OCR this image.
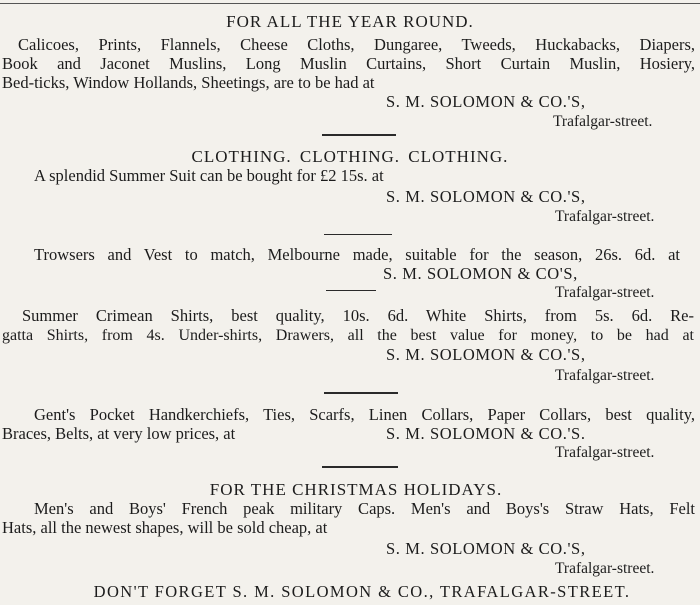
FOR ALL THE YEAR ROUND.
Calicoes, Prints, Flannels, Cheese Cloths, Dungaree, Tweeds, Huckabacks, Diapers,
Book and Jaconet Muslins, Long Muslin Curtains, Short Curtain Muslin, Hosiery,
Bed-ticks, Window Hollands, Sheetings, are to be had at
S. M. SOLOMON & CO.'S,
Trafalgar-street.
CLOTHING. CLOTHING. CLOTHING.
A splendid Summer Suit can be bought for £2 15s. at
S. M. SOLOMON & CO.'S,
Trafalgar-street.
Trowsers and Vest to match, Melbourne made, suitable for the season, 26s. 6d. at
S. M. SOLOMON & CO'S,
Trafalgar-street.
Summer Crimean Shirts, best quality, 10s. 6d. White Shirts, from 5s. 6d. Re-
gatta Shirts, from 4s. Under-shirts, Drawers, all the best value for money, to be had at
S. M. SOLOMON & CO.'S,
Trafalgar-street.
Gent's Pocket Handkerchiefs, Ties, Scarfs, Linen Collars, Paper Collars, best quality,
Braces, Belts, at very low prices, at	S. M. SOLOMON & CO.'S.
Trafalgar-street.
FOR THE CHRISTMAS HOLIDAYS.
Men's and Boys' French peak military Caps. Men's and Boys's Straw Hats, Felt
Hats, all the newest shapes, will be sold cheap, at
S. M. SOLOMON & CO.'S,
Trafalgar-street.
DON'T FORGET S. M. SOLOMON & CO., TRAFALGAR-STREET.
